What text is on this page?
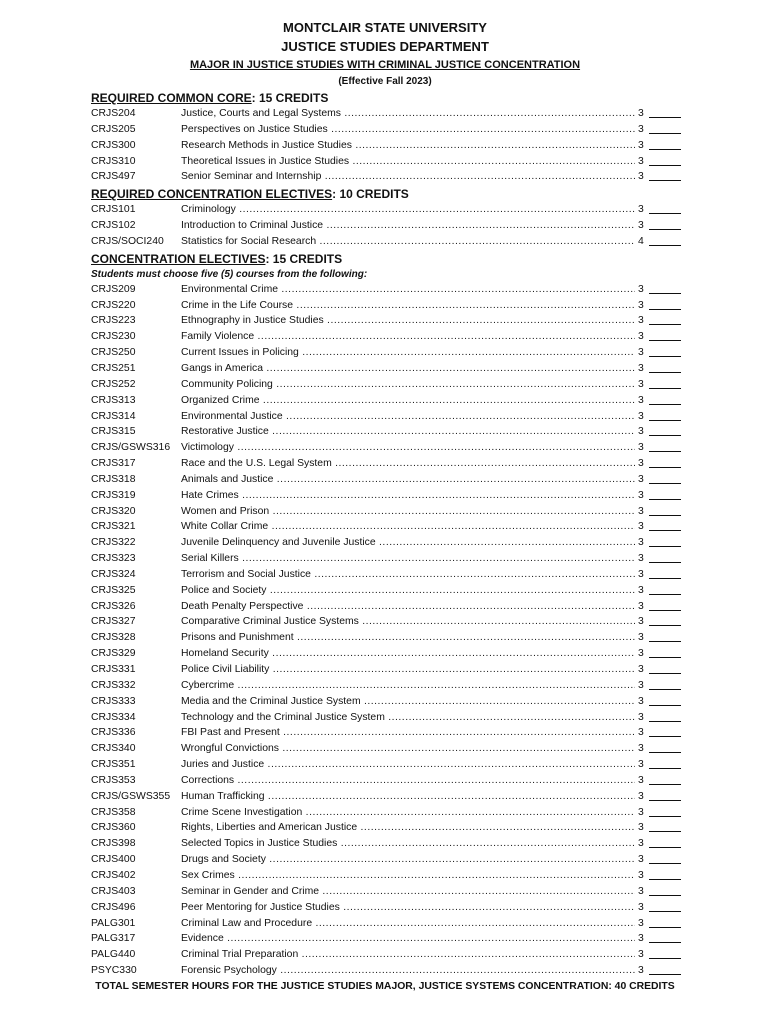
MONTCLAIR STATE UNIVERSITY
JUSTICE STUDIES DEPARTMENT
MAJOR IN JUSTICE STUDIES WITH CRIMINAL JUSTICE CONCENTRATION
(Effective Fall 2023)
REQUIRED COMMON CORE: 15 CREDITS
CRJS204	Justice, Courts and Legal Systems .....	3
CRJS205	Perspectives on Justice Studies .....	3
CRJS300	Research Methods in Justice Studies .....	3
CRJS310	Theoretical Issues in Justice Studies .....	3
CRJS497	Senior Seminar and Internship .....	3
REQUIRED CONCENTRATION ELECTIVES: 10 CREDITS
CRJS101	Criminology .....	3
CRJS102	Introduction to Criminal Justice .....	3
CRJS/SOCI240 Statistics for Social Research .....	4
CONCENTRATION ELECTIVES: 15 CREDITS
Students must choose five (5) courses from the following:
CRJS209	Environmental Crime .....	3
CRJS220	Crime in the Life Course .....	3
CRJS223	Ethnography in Justice Studies .....	3
CRJS230	Family Violence .....	3
CRJS250	Current Issues in Policing .....	3
CRJS251	Gangs in America .....	3
CRJS252	Community Policing .....	3
CRJS313	Organized Crime .....	3
CRJS314	Environmental Justice .....	3
CRJS315	Restorative Justice .....	3
CRJS/GSWS316 Victimology .....	3
CRJS317	Race and the U.S. Legal System .....	3
CRJS318	Animals and Justice .....	3
CRJS319	Hate Crimes .....	3
CRJS320	Women and Prison .....	3
CRJS321	White Collar Crime .....	3
CRJS322	Juvenile Delinquency and Juvenile Justice .....	3
CRJS323	Serial Killers .....	3
CRJS324	Terrorism and Social Justice .....	3
CRJS325	Police and Society .....	3
CRJS326	Death Penalty Perspective .....	3
CRJS327	Comparative Criminal Justice Systems .....	3
CRJS328	Prisons and Punishment .....	3
CRJS329	Homeland Security .....	3
CRJS331	Police Civil Liability .....	3
CRJS332	Cybercrime .....	3
CRJS333	Media and the Criminal Justice System .....	3
CRJS334	Technology and the Criminal Justice System .....	3
CRJS336	FBI Past and Present .....	3
CRJS340	Wrongful Convictions .....	3
CRJS351	Juries and Justice .....	3
CRJS353	Corrections .....	3
CRJS/GSWS355 Human Trafficking .....	3
CRJS358	Crime Scene Investigation .....	3
CRJS360	Rights, Liberties and American Justice .....	3
CRJS398	Selected Topics in Justice Studies .....	3
CRJS400	Drugs and Society .....	3
CRJS402	Sex Crimes .....	3
CRJS403	Seminar in Gender and Crime .....	3
CRJS496	Peer Mentoring for Justice Studies .....	3
PALG301	Criminal Law and Procedure .....	3
PALG317	Evidence .....	3
PALG440	Criminal Trial Preparation .....	3
PSYC330	Forensic Psychology .....	3
TOTAL SEMESTER HOURS FOR THE JUSTICE STUDIES MAJOR, JUSTICE SYSTEMS CONCENTRATION: 40 CREDITS
